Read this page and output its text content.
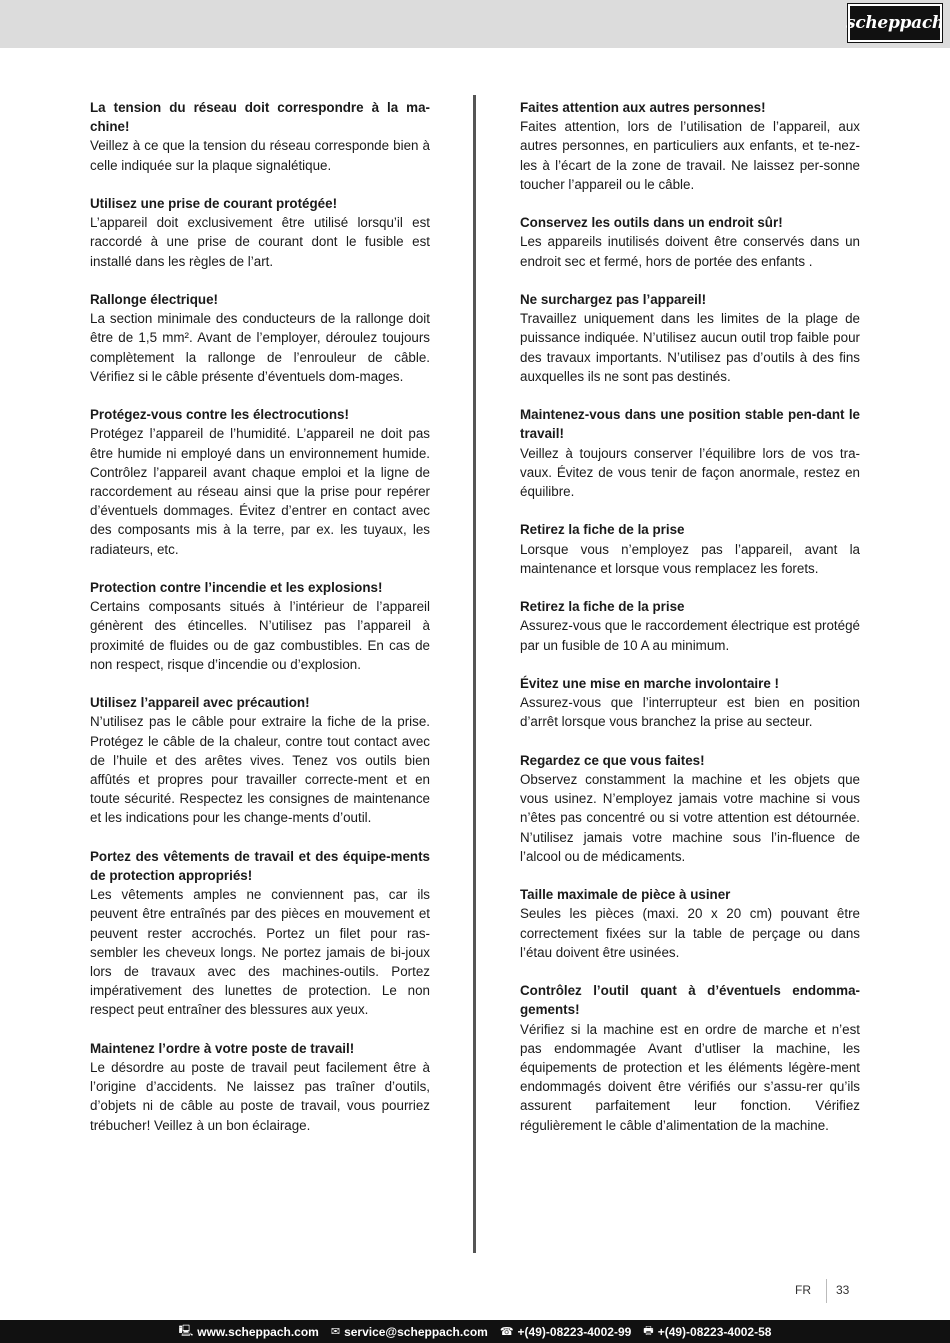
scheppach
La tension du réseau doit correspondre à la ma-chine!

Veillez à ce que la tension du réseau corresponde bien à celle indiquée sur la plaque signalétique.

Utilisez une prise de courant protégée!

L’appareil doit exclusivement être utilisé lorsqu’il est raccordé à une prise de courant dont le fusible est installé dans les règles de l’art.

Rallonge électrique!

La section minimale des conducteurs de la rallonge doit être de 1,5 mm². Avant de l’employer, déroulez toujours complètement la rallonge de l’enrouleur de câble. Vérifiez si le câble présente d’éventuels dom-mages.

Protégez-vous contre les électrocutions!

Protégez l’appareil de l’humidité. L’appareil ne doit pas être humide ni employé dans un environnement humide. Contrôlez l’appareil avant chaque emploi et la ligne de raccordement au réseau ainsi que la prise pour repérer d’éventuels dommages. Évitez d’entrer en contact avec des composants mis à la terre, par ex. les tuyaux, les radiateurs, etc.

Protection contre l’incendie et les explosions!

Certains composants situés à l’intérieur de l’appareil génèrent des étincelles. N’utilisez pas l’appareil à proximité de fluides ou de gaz combustibles. En cas de non respect, risque d’incendie ou d’explosion.

Utilisez l’appareil avec précaution!

N’utilisez pas le câble pour extraire la fiche de la prise. Protégez le câble de la chaleur, contre tout contact avec de l’huile et des arêtes vives. Tenez vos outils bien affûtés et propres pour travailler correcte-ment et en toute sécurité. Respectez les consignes de maintenance et les indications pour les change-ments d’outil.

Portez des vêtements de travail et des équipe-ments de protection appropriés!

Les vêtements amples ne conviennent pas, car ils peuvent être entraînés par des pièces en mouvement et peuvent rester accrochés. Portez un filet pour ras-sembler les cheveux longs. Ne portez jamais de bi-joux lors de travaux avec des machines-outils. Portez impérativement des lunettes de protection. Le non respect peut entraîner des blessures aux yeux.

Maintenez l’ordre à votre poste de travail!

Le désordre au poste de travail peut facilement être à l’origine d’accidents. Ne laissez pas traîner d’outils, d’objets ni de câble au poste de travail, vous pourriez trébucher! Veillez à un bon éclairage.

Faites attention aux autres personnes!

Faites attention, lors de l’utilisation de l’appareil, aux autres personnes, en particuliers aux enfants, et te-nez-les à l’écart de la zone de travail. Ne laissez per-sonne toucher l’appareil ou le câble.

Conservez les outils dans un endroit sûr!

Les appareils inutilisés doivent être conservés dans un endroit sec et fermé, hors de portée des enfants .

Ne surchargez pas l’appareil!

Travaillez uniquement dans les limites de la plage de puissance indiquée. N’utilisez aucun outil trop faible pour des travaux importants. N’utilisez pas d’outils à des fins auxquelles ils ne sont pas destinés.

Maintenez-vous dans une position stable pen-dant le travail!

Veillez à toujours conserver l’équilibre lors de vos tra-vaux. Évitez de vous tenir de façon anormale, restez en équilibre.

Retirez la fiche de la prise

Lorsque vous n’employez pas l’appareil, avant la maintenance et lorsque vous remplacez les forets.

Retirez la fiche de la prise

Assurez-vous que le raccordement électrique est protégé par un fusible de 10 A au minimum.

Évitez une mise en marche involontaire !

Assurez-vous que l’interrupteur est bien en position d’arrêt lorsque vous branchez la prise au secteur.

Regardez ce que vous faites!

Observez constamment la machine et les objets que vous usinez. N’employez jamais votre machine si vous n’êtes pas concentré ou si votre attention est détournée. N’utilisez jamais votre machine sous l’in-fluence de l’alcool ou de médicaments.

Taille maximale de pièce à usiner

Seules les pièces (maxi. 20 x 20 cm) pouvant être correctement fixées sur la table de perçage ou dans l’étau doivent être usinées.

Contrôlez l’outil quant à d’éventuels endomma-gements!

Vérifiez si la machine est en ordre de marche et n’est pas endommagée Avant d’utliser la machine, les équipements de protection et les éléments légère-ment endommagés doivent être vérifiés our s’assu-rer qu’ils assurent parfaitement leur fonction. Vérifiez régulièrement le câble d’alimentation de la machine.

FR 33
🖳 www.scheppach.com ✉ service@scheppach.com ☎ +(49)-08223-4002-99 🖶 +(49)-08223-4002-58
